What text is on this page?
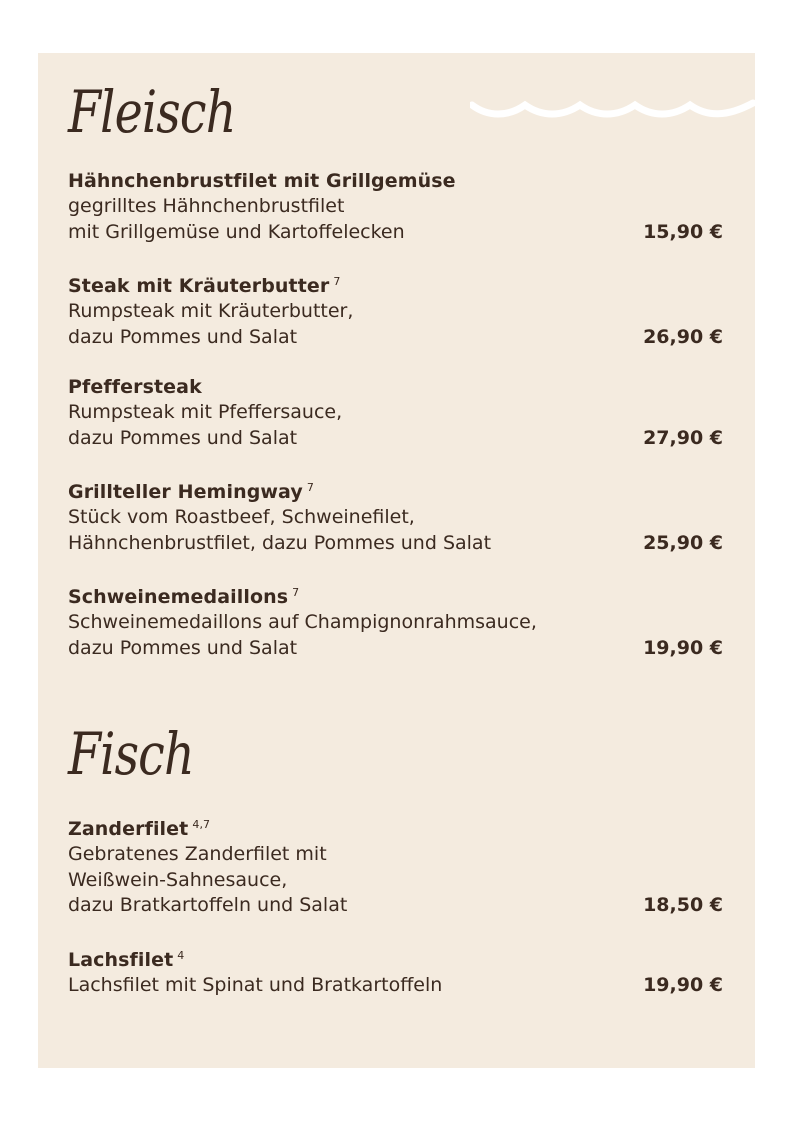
Fleisch
Hähnchenbrustfilet mit Grillgemüse
gegrilltes Hähnchenbrustfilet
mit Grillgemüse und Kartoffelecken	15,90 €
Steak mit Kräuterbutter $^7$
Rumpsteak mit Kräuterbutter,
dazu Pommes und Salat	26,90 €
Pfeffersteak
Rumpsteak mit Pfeffersauce,
dazu Pommes und Salat	27,90 €
Grillteller Hemingway $^7$
Stück vom Roastbeef, Schweinefilet,
Hähnchenbrustfilet, dazu Pommes und Salat	25,90 €
Schweinemedaillons $^7$
Schweinemedaillons auf Champignonrahmsauce,
dazu Pommes und Salat	19,90 €
Fisch
Zanderfilet $^{4,7}$
Gebratenes Zanderfilet mit
Weißwein-Sahnesauce,
dazu Bratkartoffeln und Salat	18,50 €
Lachsfilet $^4$
Lachsfilet mit Spinat und Bratkartoffeln	19,90 €
